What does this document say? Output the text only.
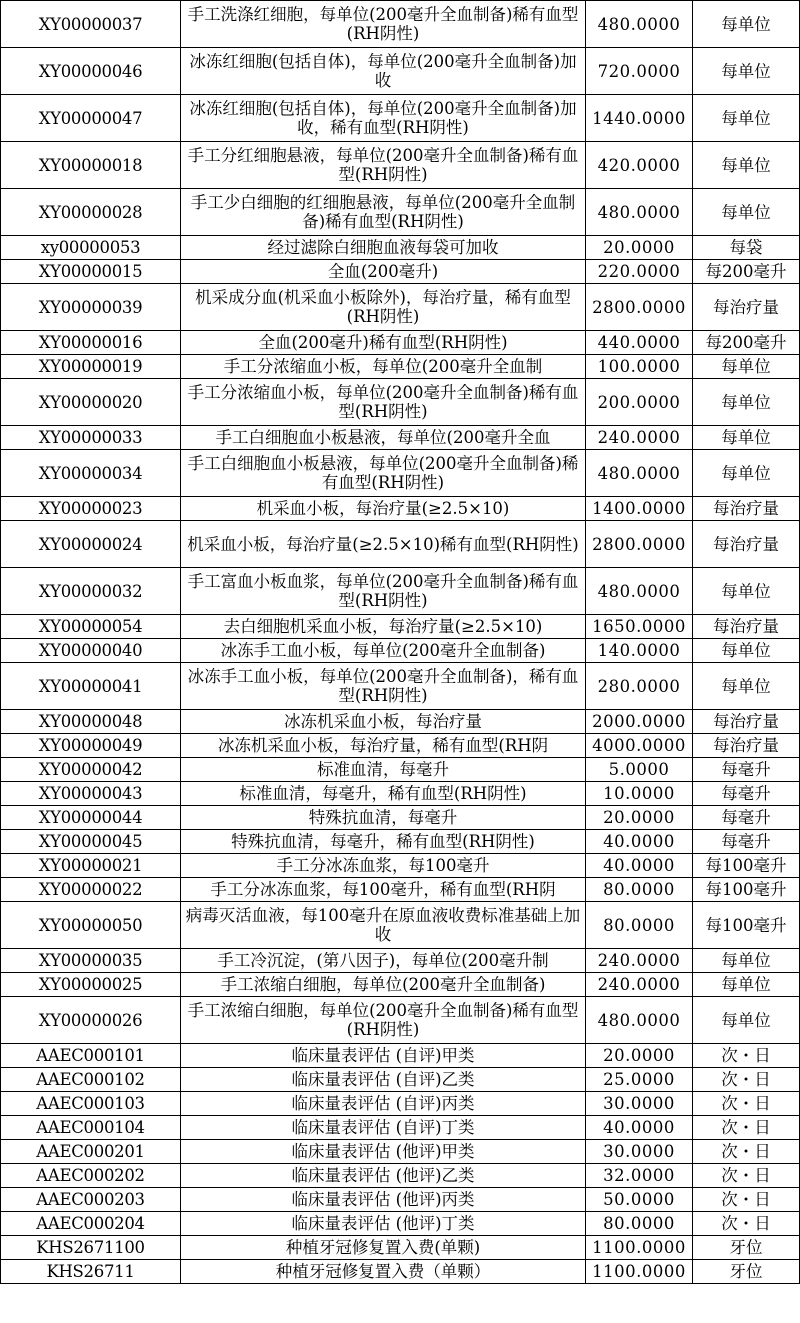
XY00000037	手工洗涤红细胞，每单位(200毫升全血制备)稀有血型(RH阴性)	480.0000	每单位
XY00000046	冰冻红细胞(包括自体)，每单位(200毫升全血制备)加收	720.0000	每单位
XY00000047	冰冻红细胞(包括自体)，每单位(200毫升全血制备)加收，稀有血型(RH阴性)	1440.0000	每单位
XY00000018	手工分红细胞悬液，每单位(200毫升全血制备)稀有血型(RH阴性)	420.0000	每单位
XY00000028	手工少白细胞的红细胞悬液，每单位(200毫升全血制备)稀有血型(RH阴性)	480.0000	每单位
xy00000053	经过滤除白细胞血液每袋可加收	20.0000	每袋
XY00000015	全血(200毫升)	220.0000	每200毫升
XY00000039	机采成分血(机采血小板除外)，每治疗量，稀有血型(RH阴性)	2800.0000	每治疗量
XY00000016	全血(200毫升)稀有血型(RH阴性)	440.0000	每200毫升
XY00000019	手工分浓缩血小板，每单位(200毫升全血制	100.0000	每单位
XY00000020	手工分浓缩血小板，每单位(200毫升全血制备)稀有血型(RH阴性)	200.0000	每单位
XY00000033	手工白细胞血小板悬液，每单位(200毫升全血	240.0000	每单位
XY00000034	手工白细胞血小板悬液，每单位(200毫升全血制备)稀有血型(RH阴性)	480.0000	每单位
XY00000023	机采血小板，每治疗量(≥2.5×10)	1400.0000	每治疗量
XY00000024	机采血小板，每治疗量(≥2.5×10)稀有血型(RH阴性)	2800.0000	每治疗量
XY00000032	手工富血小板血浆，每单位(200毫升全血制备)稀有血型(RH阴性)	480.0000	每单位
XY00000054	去白细胞机采血小板，每治疗量(≥2.5×10)	1650.0000	每治疗量
XY00000040	冰冻手工血小板，每单位(200毫升全血制备)	140.0000	每单位
XY00000041	冰冻手工血小板，每单位(200毫升全血制备)，稀有血型(RH阴性)	280.0000	每单位
XY00000048	冰冻机采血小板，每治疗量	2000.0000	每治疗量
XY00000049	冰冻机采血小板，每治疗量，稀有血型(RH阴	4000.0000	每治疗量
XY00000042	标准血清，每毫升	5.0000	每毫升
XY00000043	标准血清，每毫升，稀有血型(RH阴性)	10.0000	每毫升
XY00000044	特殊抗血清，每毫升	20.0000	每毫升
XY00000045	特殊抗血清，每毫升，稀有血型(RH阴性)	40.0000	每毫升
XY00000021	手工分冰冻血浆，每100毫升	40.0000	每100毫升
XY00000022	手工分冰冻血浆，每100毫升，稀有血型(RH阴	80.0000	每100毫升
XY00000050	病毒灭活血液，每100毫升在原血液收费标准基础上加收	80.0000	每100毫升
XY00000035	手工冷沉淀，(第八因子)，每单位(200毫升制	240.0000	每单位
XY00000025	手工浓缩白细胞，每单位(200毫升全血制备)	240.0000	每单位
XY00000026	手工浓缩白细胞，每单位(200毫升全血制备)稀有血型(RH阴性)	480.0000	每单位
AAEC000101	临床量表评估 (自评)甲类	20.0000	次・日
AAEC000102	临床量表评估 (自评)乙类	25.0000	次・日
AAEC000103	临床量表评估 (自评)丙类	30.0000	次・日
AAEC000104	临床量表评估 (自评)丁类	40.0000	次・日
AAEC000201	临床量表评估 (他评)甲类	30.0000	次・日
AAEC000202	临床量表评估 (他评)乙类	32.0000	次・日
AAEC000203	临床量表评估 (他评)丙类	50.0000	次・日
AAEC000204	临床量表评估 (他评)丁类	80.0000	次・日
KHS2671100	种植牙冠修复置入费(单颗)	1100.0000	牙位
KHS26711	种植牙冠修复置入费（单颗）	1100.0000	牙位
